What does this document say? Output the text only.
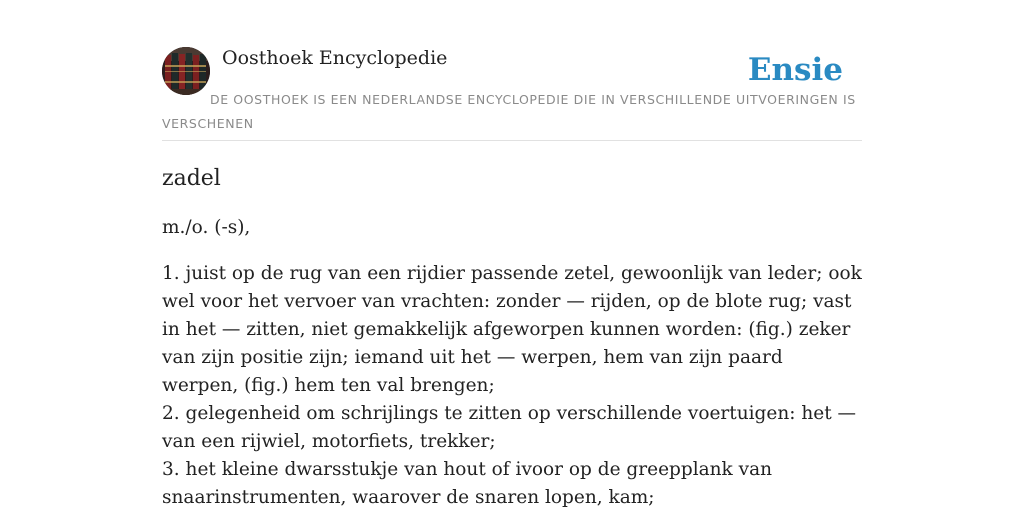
Oosthoek Encyclopedie	Ensie
DE OOSTHOEK IS EEN NEDERLANDSE ENCYCLOPEDIE DIE IN VERSCHILLENDE UITVOERINGEN IS VERSCHENEN
zadel

m./o. (-s),

1. juist op de rug van een rijdier passende zetel, gewoonlijk van leder; ook wel voor het vervoer van vrachten: zonder — rijden, op de blote rug; vast in het — zitten, niet gemakkelijk afgeworpen kunnen worden: (fig.) zeker van zijn positie zijn; iemand uit het — werpen, hem van zijn paard werpen, (fig.) hem ten val brengen;
2. gelegenheid om schrijlings te zitten op verschillende voertuigen: het — van een rijwiel, motorfiets, trekker;
3. het kleine dwarsstukje van hout of ivoor op de greepplank van snaarinstrumenten, waarover de snaren lopen, kam;
